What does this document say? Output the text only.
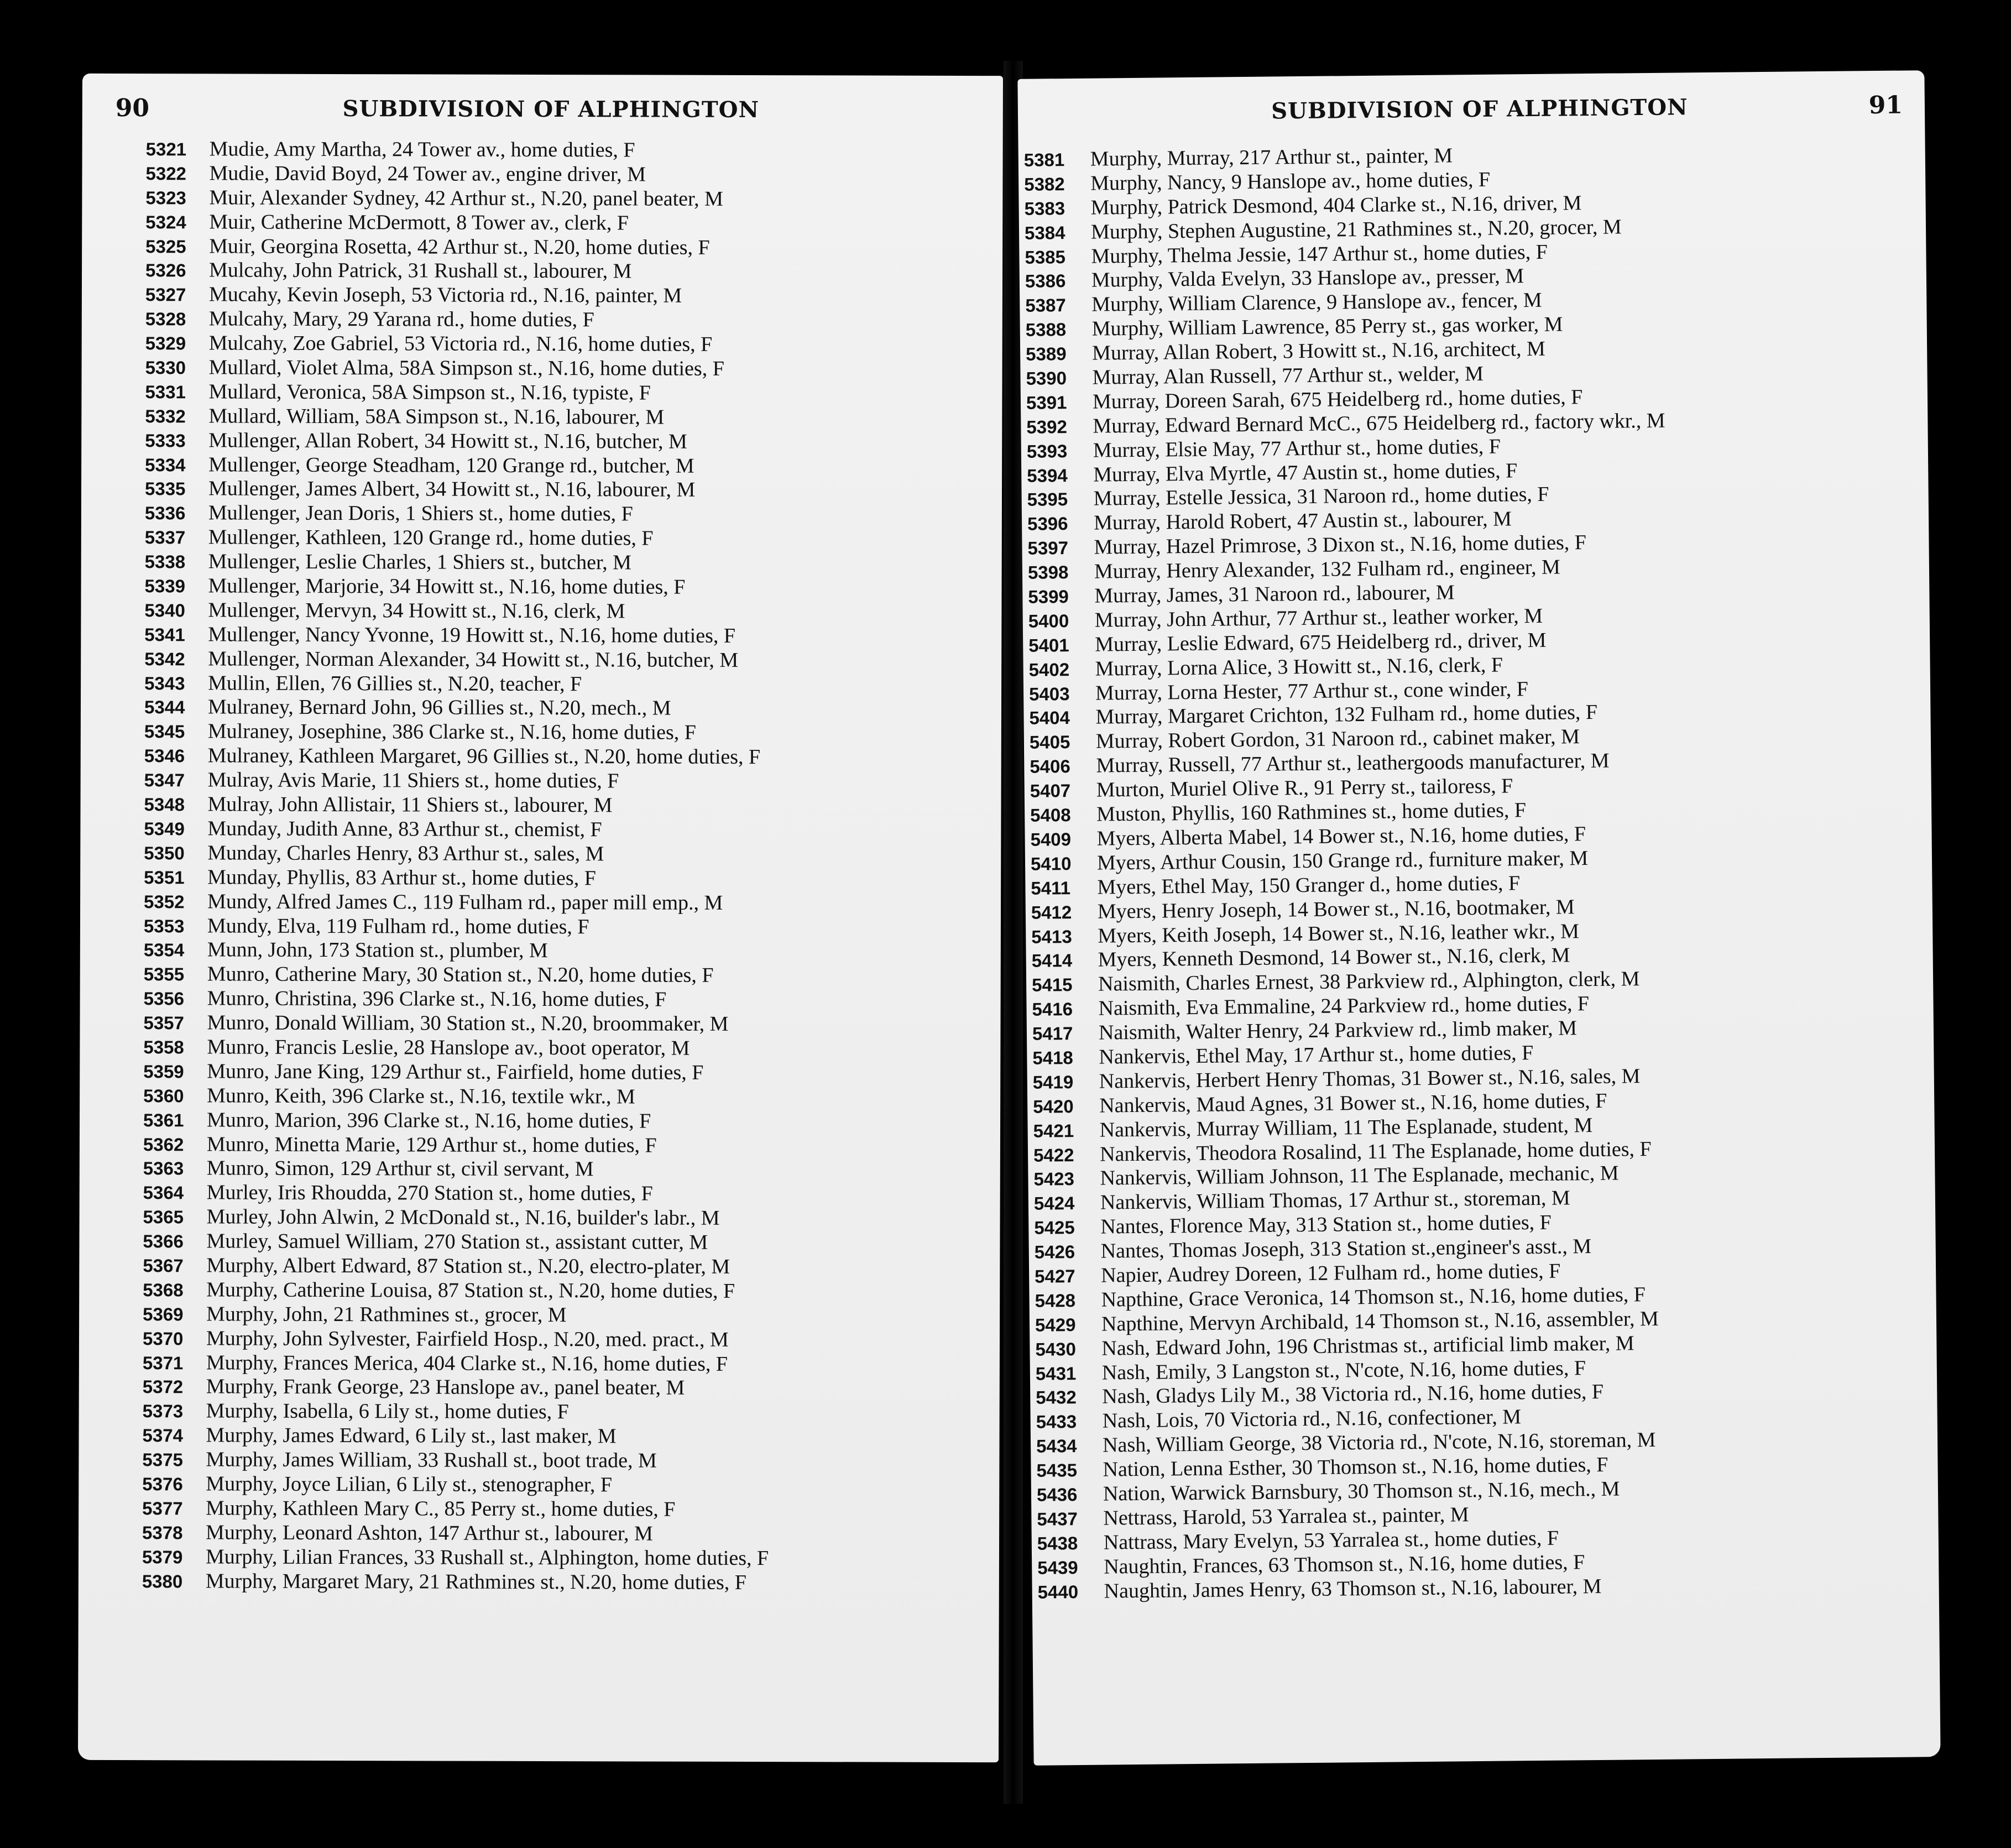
90	SUBDIVISION OF ALPHINGTON
5321 Mudie, Amy Martha, 24 Tower av., home duties, F
5322 Mudie, David Boyd, 24 Tower av., engine driver, M
5323 Muir, Alexander Sydney, 42 Arthur st., N.20, panel beater, M
5324 Muir, Catherine McDermott, 8 Tower av., clerk, F
5325 Muir, Georgina Rosetta, 42 Arthur st., N.20, home duties, F
5326 Mulcahy, John Patrick, 31 Rushall st., labourer, M
5327 Mucahy, Kevin Joseph, 53 Victoria rd., N.16, painter, M
5328 Mulcahy, Mary, 29 Yarana rd., home duties, F
5329 Mulcahy, Zoe Gabriel, 53 Victoria rd., N.16, home duties, F
5330 Mullard, Violet Alma, 58A Simpson st., N.16, home duties, F
5331 Mullard, Veronica, 58A Simpson st., N.16, typiste, F
5332 Mullard, William, 58A Simpson st., N.16, labourer, M
5333 Mullenger, Allan Robert, 34 Howitt st., N.16, butcher, M
5334 Mullenger, George Steadham, 120 Grange rd., butcher, M
5335 Mullenger, James Albert, 34 Howitt st., N.16, labourer, M
5336 Mullenger, Jean Doris, 1 Shiers st., home duties, F
5337 Mullenger, Kathleen, 120 Grange rd., home duties, F
5338 Mullenger, Leslie Charles, 1 Shiers st., butcher, M
5339 Mullenger, Marjorie, 34 Howitt st., N.16, home duties, F
5340 Mullenger, Mervyn, 34 Howitt st., N.16, clerk, M
5341 Mullenger, Nancy Yvonne, 19 Howitt st., N.16, home duties, F
5342 Mullenger, Norman Alexander, 34 Howitt st., N.16, butcher, M
5343 Mullin, Ellen, 76 Gillies st., N.20, teacher, F
5344 Mulraney, Bernard John, 96 Gillies st., N.20, mech., M
5345 Mulraney, Josephine, 386 Clarke st., N.16, home duties, F
5346 Mulraney, Kathleen Margaret, 96 Gillies st., N.20, home duties, F
5347 Mulray, Avis Marie, 11 Shiers st., home duties, F
5348 Mulray, John Allistair, 11 Shiers st., labourer, M
5349 Munday, Judith Anne, 83 Arthur st., chemist, F
5350 Munday, Charles Henry, 83 Arthur st., sales, M
5351 Munday, Phyllis, 83 Arthur st., home duties, F
5352 Mundy, Alfred James C., 119 Fulham rd., paper mill emp., M
5353 Mundy, Elva, 119 Fulham rd., home duties, F
5354 Munn, John, 173 Station st., plumber, M
5355 Munro, Catherine Mary, 30 Station st., N.20, home duties, F
5356 Munro, Christina, 396 Clarke st., N.16, home duties, F
5357 Munro, Donald William, 30 Station st., N.20, broommaker, M
5358 Munro, Francis Leslie, 28 Hanslope av., boot operator, M
5359 Munro, Jane King, 129 Arthur st., Fairfield, home duties, F
5360 Munro, Keith, 396 Clarke st., N.16, textile wkr., M
5361 Munro, Marion, 396 Clarke st., N.16, home duties, F
5362 Munro, Minetta Marie, 129 Arthur st., home duties, F
5363 Munro, Simon, 129 Arthur st, civil servant, M
5364 Murley, Iris Rhoudda, 270 Station st., home duties, F
5365 Murley, John Alwin, 2 McDonald st., N.16, builder's labr., M
5366 Murley, Samuel William, 270 Station st., assistant cutter, M
5367 Murphy, Albert Edward, 87 Station st., N.20, electro-plater, M
5368 Murphy, Catherine Louisa, 87 Station st., N.20, home duties, F
5369 Murphy, John, 21 Rathmines st., grocer, M
5370 Murphy, John Sylvester, Fairfield Hosp., N.20, med. pract., M
5371 Murphy, Frances Merica, 404 Clarke st., N.16, home duties, F
5372 Murphy, Frank George, 23 Hanslope av., panel beater, M
5373 Murphy, Isabella, 6 Lily st., home duties, F
5374 Murphy, James Edward, 6 Lily st., last maker, M
5375 Murphy, James William, 33 Rushall st., boot trade, M
5376 Murphy, Joyce Lilian, 6 Lily st., stenographer, F
5377 Murphy, Kathleen Mary C., 85 Perry st., home duties, F
5378 Murphy, Leonard Ashton, 147 Arthur st., labourer, M
5379 Murphy, Lilian Frances, 33 Rushall st., Alphington, home duties, F
5380 Murphy, Margaret Mary, 21 Rathmines st., N.20, home duties, F
91
SUBDIVISION OF ALPHINGTON
5381 Murphy, Murray, 217 Arthur st., painter, M
5382 Murphy, Nancy, 9 Hanslope av., home duties, F
5383 Murphy, Patrick Desmond, 404 Clarke st., N.16, driver, M
5384 Murphy, Stephen Augustine, 21 Rathmines st., N.20, grocer, M
5385 Murphy, Thelma Jessie, 147 Arthur st., home duties, F
5386 Murphy, Valda Evelyn, 33 Hanslope av., presser, M
5387 Murphy, William Clarence, 9 Hanslope av., fencer, M
5388 Murphy, William Lawrence, 85 Perry st., gas worker, M
5389 Murray, Allan Robert, 3 Howitt st., N.16, architect, M
5390 Murray, Alan Russell, 77 Arthur st., welder, M
5391 Murray, Doreen Sarah, 675 Heidelberg rd., home duties, F
5392 Murray, Edward Bernard McC., 675 Heidelberg rd., factory wkr., M
5393 Murray, Elsie May, 77 Arthur st., home duties, F
5394 Murray, Elva Myrtle, 47 Austin st., home duties, F
5395 Murray, Estelle Jessica, 31 Naroon rd., home duties, F
5396 Murray, Harold Robert, 47 Austin st., labourer, M
5397 Murray, Hazel Primrose, 3 Dixon st., N.16, home duties, F
5398 Murray, Henry Alexander, 132 Fulham rd., engineer, M
5399 Murray, James, 31 Naroon rd., labourer, M
5400 Murray, John Arthur, 77 Arthur st., leather worker, M
5401 Murray, Leslie Edward, 675 Heidelberg rd., driver, M
5402 Murray, Lorna Alice, 3 Howitt st., N.16, clerk, F
5403 Murray, Lorna Hester, 77 Arthur st., cone winder, F
5404 Murray, Margaret Crichton, 132 Fulham rd., home duties, F
5405 Murray, Robert Gordon, 31 Naroon rd., cabinet maker, M
5406 Murray, Russell, 77 Arthur st., leathergoods manufacturer, M
5407 Murton, Muriel Olive R., 91 Perry st., tailoress, F
5408 Muston, Phyllis, 160 Rathmines st., home duties, F
5409 Myers, Alberta Mabel, 14 Bower st., N.16, home duties, F
5410 Myers, Arthur Cousin, 150 Grange rd., furniture maker, M
5411 Myers, Ethel May, 150 Granger d., home duties, F
5412 Myers, Henry Joseph, 14 Bower st., N.16, bootmaker, M
5413 Myers, Keith Joseph, 14 Bower st., N.16, leather wkr., M
5414 Myers, Kenneth Desmond, 14 Bower st., N.16, clerk, M
5415 Naismith, Charles Ernest, 38 Parkview rd., Alphington, clerk, M
5416 Naismith, Eva Emmaline, 24 Parkview rd., home duties, F
5417 Naismith, Walter Henry, 24 Parkview rd., limb maker, M
5418 Nankervis, Ethel May, 17 Arthur st., home duties, F
5419 Nankervis, Herbert Henry Thomas, 31 Bower st., N.16, sales, M
5420 Nankervis, Maud Agnes, 31 Bower st., N.16, home duties, F
5421 Nankervis, Murray William, 11 The Esplanade, student, M
5422 Nankervis, Theodora Rosalind, 11 The Esplanade, home duties, F
5423 Nankervis, William Johnson, 11 The Esplanade, mechanic, M
5424 Nankervis, William Thomas, 17 Arthur st., storeman, M
5425 Nantes, Florence May, 313 Station st., home duties, F
5426 Nantes, Thomas Joseph, 313 Station st.,engineer's asst., M
5427 Napier, Audrey Doreen, 12 Fulham rd., home duties, F
5428 Napthine, Grace Veronica, 14 Thomson st., N.16, home duties, F
5429 Napthine, Mervyn Archibald, 14 Thomson st., N.16, assembler, M
5430 Nash, Edward John, 196 Christmas st., artificial limb maker, M
5431 Nash, Emily, 3 Langston st., N'cote, N.16, home duties, F
5432 Nash, Gladys Lily M., 38 Victoria rd., N.16, home duties, F
5433 Nash, Lois, 70 Victoria rd., N.16, confectioner, M
5434 Nash, William George, 38 Victoria rd., N'cote, N.16, storeman, M
5435 Nation, Lenna Esther, 30 Thomson st., N.16, home duties, F
5436 Nation, Warwick Barnsbury, 30 Thomson st., N.16, mech., M
5437 Nettrass, Harold, 53 Yarralea st., painter, M
5438 Nattrass, Mary Evelyn, 53 Yarralea st., home duties, F
5439 Naughtin, Frances, 63 Thomson st., N.16, home duties, F
5440 Naughtin, James Henry, 63 Thomson st., N.16, labourer, M
